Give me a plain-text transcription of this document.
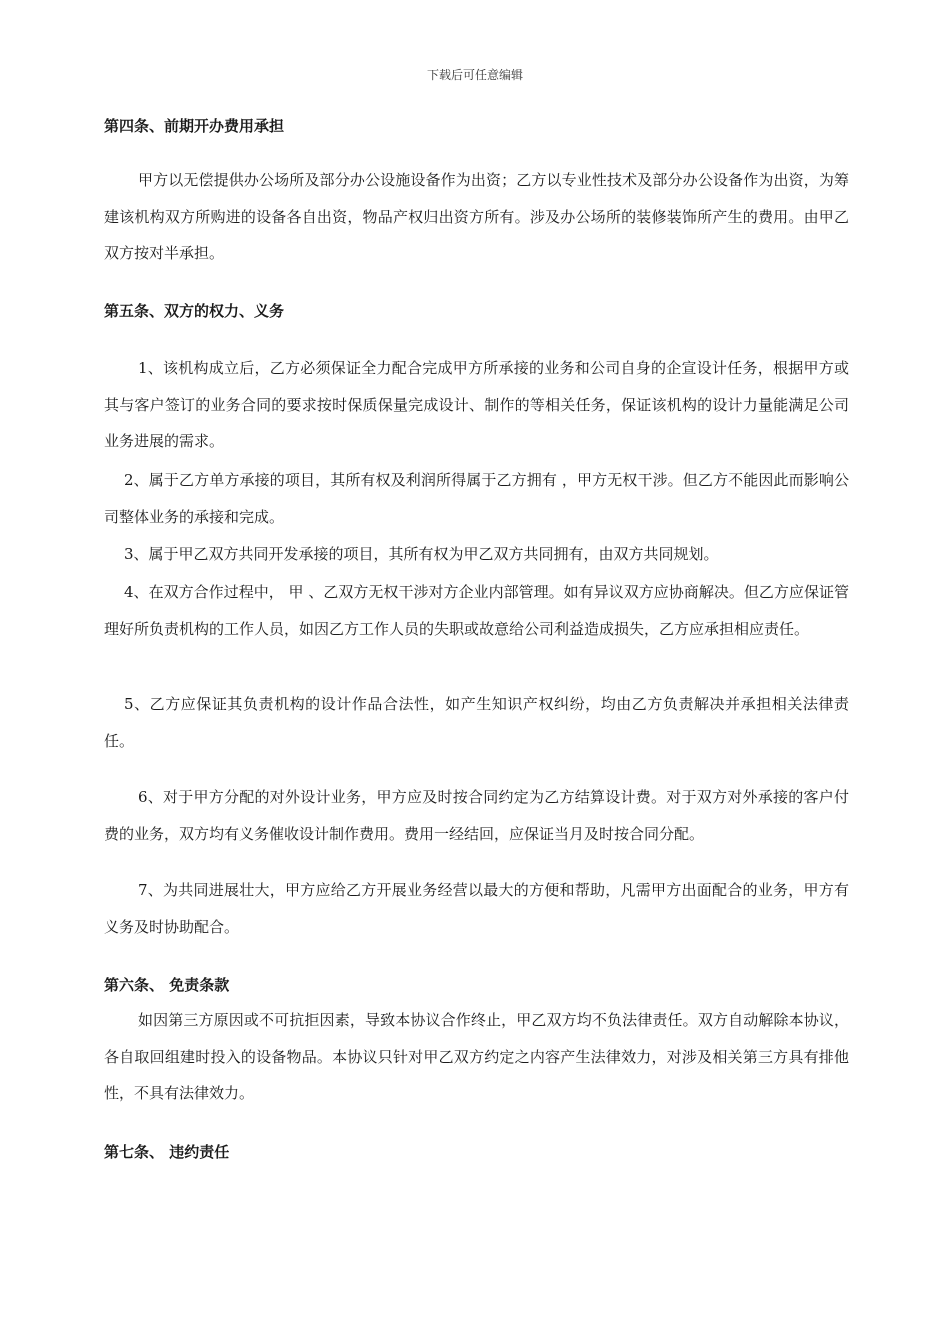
下载后可任意编辑
第四条、前期开办费用承担

甲方以无偿提供办公场所及部分办公设施设备作为出资；乙方以专业性技术及部分办公设备作为出资，为筹建该机构双方所购进的设备各自出资，物品产权归出资方所有。涉及办公场所的装修装饰所产生的费用。由甲乙双方按对半承担。

第五条、双方的权力、义务

1、该机构成立后，乙方必须保证全力配合完成甲方所承接的业务和公司自身的企宣设计任务，根据甲方或其与客户签订的业务合同的要求按时保质保量完成设计、制作的等相关任务，保证该机构的设计力量能满足公司业务进展的需求。

2、属于乙方单方承接的项目，其所有权及利润所得属于乙方拥有 ，甲方无权干涉。但乙方不能因此而影响公司整体业务的承接和完成。

3、属于甲乙双方共同开发承接的项目，其所有权为甲乙双方共同拥有，由双方共同规划。

4、在双方合作过程中， 甲 、乙双方无权干涉对方企业内部管理。如有异议双方应协商解决。但乙方应保证管理好所负责机构的工作人员，如因乙方工作人员的失职或故意给公司利益造成损失，乙方应承担相应责任。

5、乙方应保证其负责机构的设计作品合法性，如产生知识产权纠纷，均由乙方负责解决并承担相关法律责任。

6、对于甲方分配的对外设计业务，甲方应及时按合同约定为乙方结算设计费。对于双方对外承接的客户付费的业务，双方均有义务催收设计制作费用。费用一经结回，应保证当月及时按合同分配。

7、为共同进展壮大，甲方应给乙方开展业务经营以最大的方便和帮助，凡需甲方出面配合的业务，甲方有义务及时协助配合。

第六条、 免责条款

如因第三方原因或不可抗拒因素，导致本协议合作终止，甲乙双方均不负法律责任。双方自动解除本协议，各自取回组建时投入的设备物品。本协议只针对甲乙双方约定之内容产生法律效力，对涉及相关第三方具有排他性，不具有法律效力。

第七条、 违约责任
